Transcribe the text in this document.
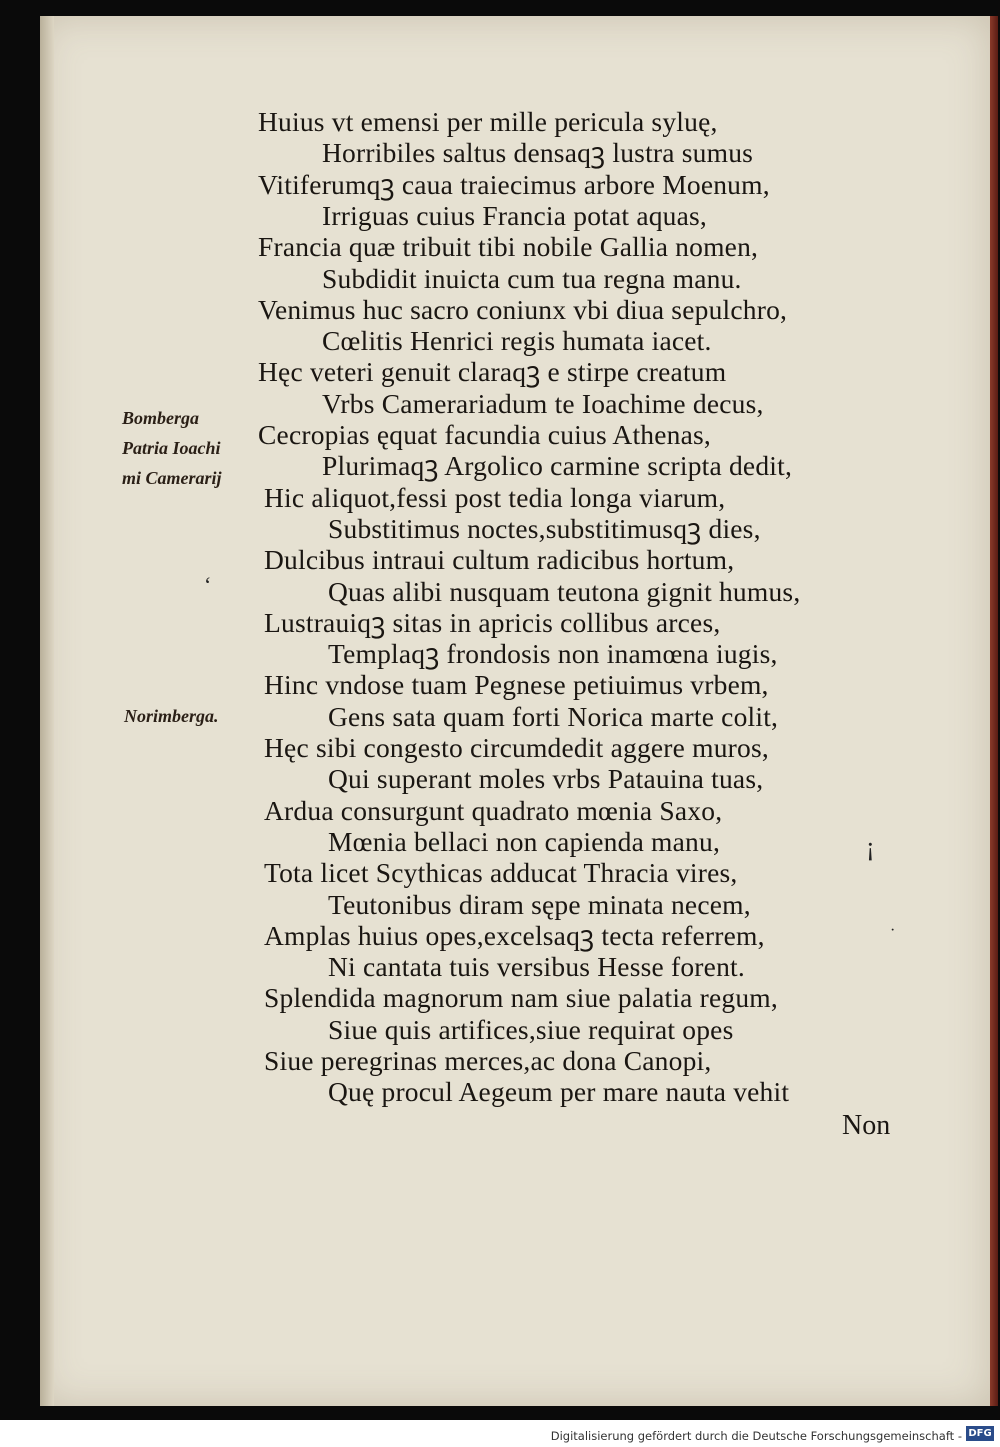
Huius vt emensi per mille pericula syluę,
Horribiles saltus densaqꝫ lustra sumus
Vitiferumqꝫ caua traiecimus arbore Moenum,
Irriguas cuius Francia potat aquas,
Francia quæ tribuit tibi nobile Gallia nomen,
Subdidit inuicta cum tua regna manu.
Venimus huc sacro coniunx vbi diua sepulchro,
Cœlitis Henrici regis humata iacet.
Hęc veteri genuit claraqꝫ e stirpe creatum
Vrbs Camerariadum te Ioachime decus,
Cecropias ęquat facundia cuius Athenas,
Plurimaqꝫ Argolico carmine scripta dedit,
Hic aliquot,fessi post tedia longa viarum,
Substitimus noctes,substitimusqꝫ dies,
Dulcibus intraui cultum radicibus hortum,
Quas alibi nusquam teutona gignit humus,
Lustrauiqꝫ sitas in apricis collibus arces,
Templaqꝫ frondosis non inamœna iugis,
Hinc vndose tuam Pegnese petiuimus vrbem,
Gens sata quam forti Norica marte colit,
Hęc sibi congesto circumdedit aggere muros,
Qui superant moles vrbs Patauina tuas,
Ardua consurgunt quadrato mœnia Saxo,
Mœnia bellaci non capienda manu,
Tota licet Scythicas adducat Thracia vires,
Teutonibus diram sępe minata necem,
Amplas huius opes,excelsaqꝫ tecta referrem,
Ni cantata tuis versibus Hesse forent.
Splendida magnorum nam siue palatia regum,
Siue quis artifices,siue requirat opes
Siue peregrinas merces,ac dona Canopi,
Quę procul Aegeum per mare nauta vehit
Bomberga
Patria Ioachi
mi Camerarij
Norimberga.
Non
‘
¡
·
Digitalisierung gefördert durch die Deutsche Forschungsgemeinschaft - DFG
